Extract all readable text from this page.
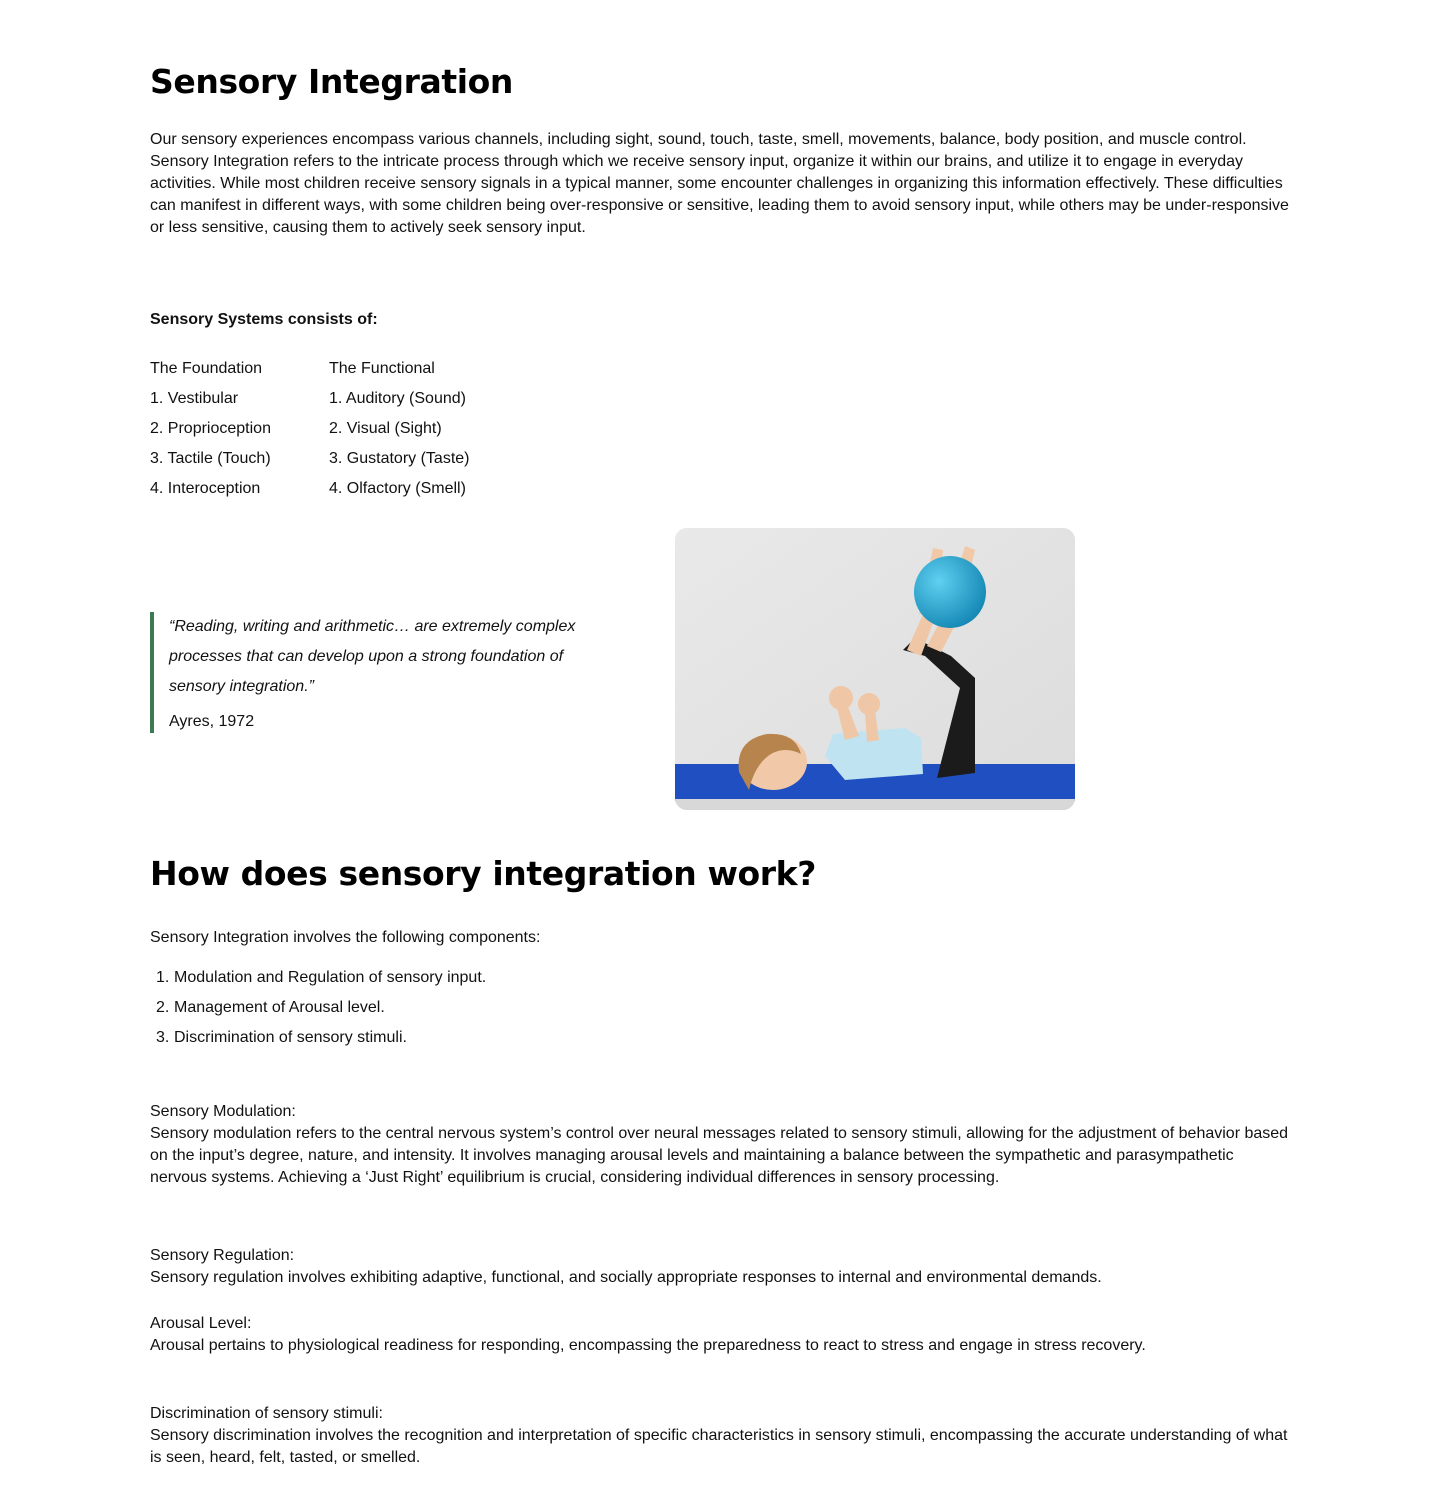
Sensory Integration

Our sensory experiences encompass various channels, including sight, sound, touch, taste, smell, movements, balance, body position, and muscle control. Sensory Integration refers to the intricate process through which we receive sensory input, organize it within our brains, and utilize it to engage in everyday activities. While most children receive sensory signals in a typical manner, some encounter challenges in organizing this information effectively. These difficulties can manifest in different ways, with some children being over-responsive or sensitive, leading them to avoid sensory input, while others may be under-responsive or less sensitive, causing them to actively seek sensory input.

Sensory Systems consists of:

The Foundation
1. Vestibular
2. Proprioception
3. Tactile (Touch)
4. Interoception
The Functional
1. Auditory (Sound)
2. Visual (Sight)
3. Gustatory (Taste)
4. Olfactory (Smell)

“Reading, writing and arithmetic… are extremely complex processes that can develop upon a strong foundation of sensory integration.”

Ayres, 1972

How does sensory integration work?

Sensory Integration involves the following components:

1. Modulation and Regulation of sensory input.
2. Management of Arousal level.
3. Discrimination of sensory stimuli.

Sensory Modulation:

Sensory modulation refers to the central nervous system’s control over neural messages related to sensory stimuli, allowing for the adjustment of behavior based on the input’s degree, nature, and intensity. It involves managing arousal levels and maintaining a balance between the sympathetic and parasympathetic nervous systems. Achieving a ‘Just Right’ equilibrium is crucial, considering individual differences in sensory processing.

Sensory Regulation:

Sensory regulation involves exhibiting adaptive, functional, and socially appropriate responses to internal and environmental demands.

Arousal Level:

Arousal pertains to physiological readiness for responding, encompassing the preparedness to react to stress and engage in stress recovery.

Discrimination of sensory stimuli:

Sensory discrimination involves the recognition and interpretation of specific characteristics in sensory stimuli, encompassing the accurate understanding of what is seen, heard, felt, tasted, or smelled.
